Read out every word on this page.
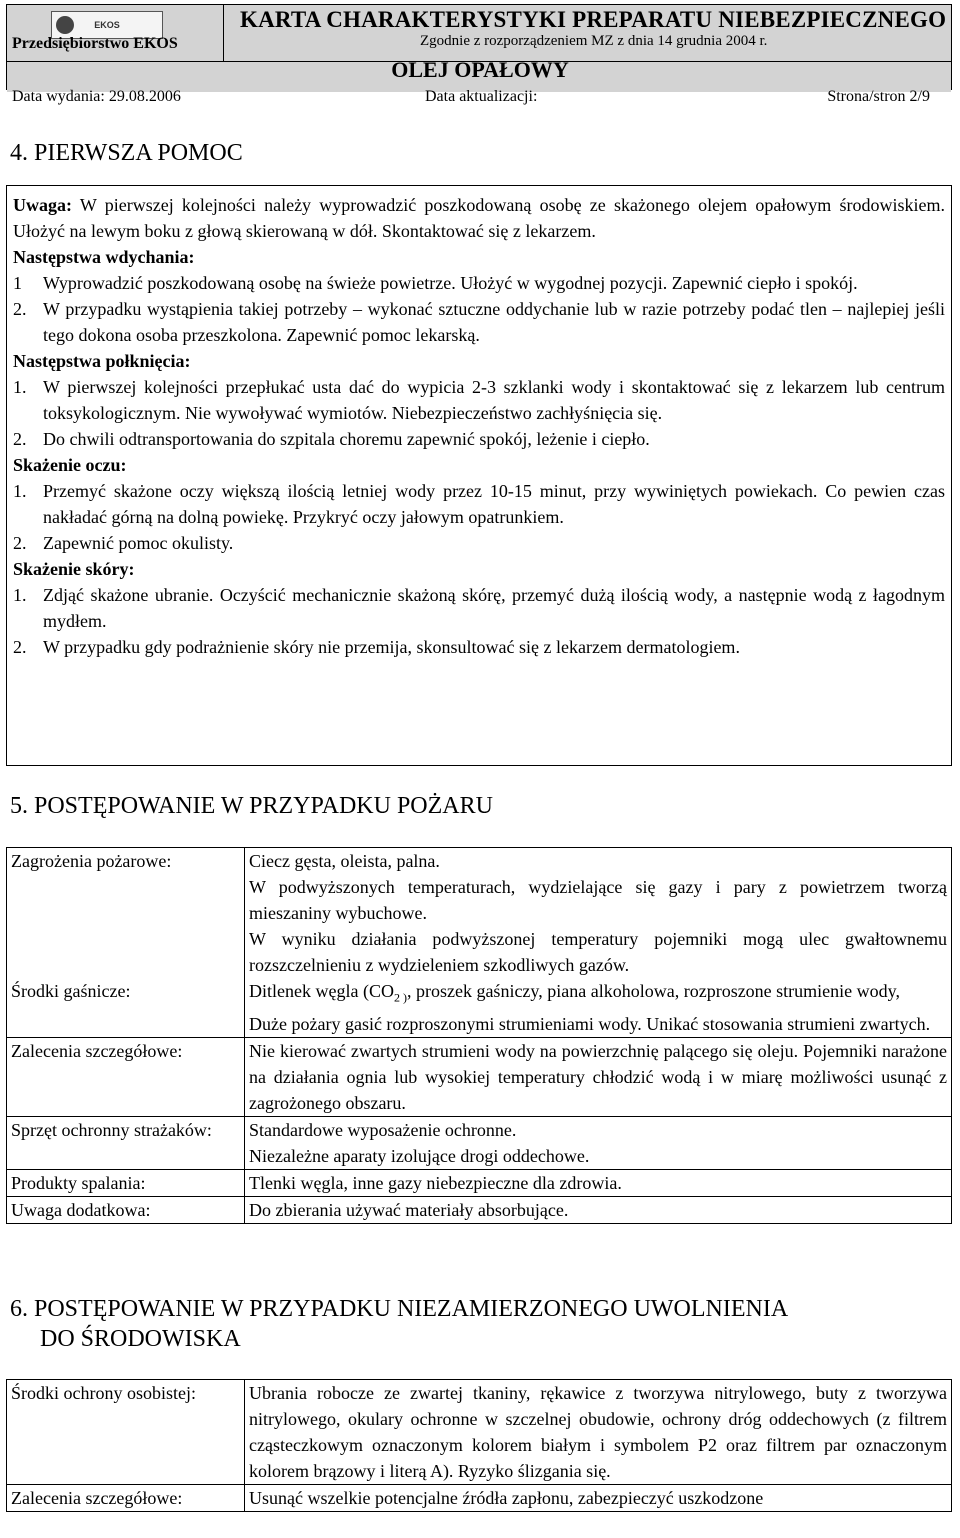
EKOS
Przedsiębiorstwo EKOS
KARTA CHARAKTERYSTYKI PREPARATU NIEBEZPIECZNEGO
Zgodnie z rozporządzeniem MZ z dnia 14 grudnia 2004 r.
OLEJ OPAŁOWY
Data wydania: 29.08.2006	Data aktualizacji:	Strona/stron 2/9
4. PIERWSZA POMOC

Uwaga: W pierwszej kolejności należy wyprowadzić poszkodowaną osobę ze skażonego olejem opałowym środowiskiem. Ułożyć na lewym boku z głową skierowaną w dół. Skontaktować się z lekarzem.

Następstwa wdychania:

1	Wyprowadzić poszkodowaną osobę na świeże powietrze. Ułożyć w wygodnej pozycji. Zapewnić ciepło i spokój.
2. W przypadku wystąpienia takiej potrzeby – wykonać sztuczne oddychanie lub w razie potrzeby podać tlen – najlepiej jeśli tego dokona osoba przeszkolona. Zapewnić pomoc lekarską.

Następstwa połknięcia:

1. W pierwszej kolejności przepłukać usta dać do wypicia 2-3 szklanki wody i skontaktować się z lekarzem lub centrum toksykologicznym. Nie wywoływać wymiotów. Niebezpieczeństwo zachłyśnięcia się.
2. Do chwili odtransportowania do szpitala choremu zapewnić spokój, leżenie i ciepło.

Skażenie oczu:

1. Przemyć skażone oczy większą ilością letniej wody przez 10-15 minut, przy wywiniętych powiekach. Co pewien czas nakładać górną na dolną powiekę. Przykryć oczy jałowym opatrunkiem.
2. Zapewnić pomoc okulisty.

Skażenie skóry:

1. Zdjąć skażone ubranie. Oczyścić mechanicznie skażoną skórę, przemyć dużą ilością wody, a następnie wodą z łagodnym mydłem.
2. W przypadku gdy podrażnienie skóry nie przemija, skonsultować się z lekarzem dermatologiem.
5. POSTĘPOWANIE W PRZYPADKU POŻARU
Zagrożenia pożarowe:	Ciecz gęsta, oleista, palna.

W podwyższonych temperaturach, wydzielające się gazy i pary z powietrzem tworzą mieszaniny wybuchowe.

W wyniku działania podwyższonej temperatury pojemniki mogą ulec gwałtownemu rozszczelnieniu z wydzieleniem szkodliwych gazów.

Środki gaśnicze:	Ditlenek węgla ($CO_{2 )}$, proszek gaśniczy, piana alkoholowa, rozproszone strumienie wody,

Duże pożary gasić rozproszonymi strumieniami wody. Unikać stosowania strumieni zwartych.

Zalecenia szczegółowe:	Nie kierować zwartych strumieni wody na powierzchnię palącego się oleju. Pojemniki narażone na działania ognia lub wysokiej temperatury chłodzić wodą i w miarę możliwości usunąć z zagrożonego obszaru.

Sprzęt ochronny strażaków:	Standardowe wyposażenie ochronne.

Niezależne aparaty izolujące drogi oddechowe.

Produkty spalania:	Tlenki węgla, inne gazy niebezpieczne dla zdrowia.

Uwaga dodatkowa:	Do zbierania używać materiały absorbujące.

6. POSTĘPOWANIE W PRZYPADKU NIEZAMIERZONEGO UWOLNIENIA
DO ŚRODOWISKA
Środki ochrony osobistej:	Ubrania robocze ze zwartej tkaniny, rękawice z tworzywa nitrylowego, buty z tworzywa nitrylowego, okulary ochronne w szczelnej obudowie, ochrony dróg oddechowych (z filtrem cząsteczkowym oznaczonym kolorem białym i symbolem P2 oraz filtrem par oznaczonym kolorem brązowy i literą A). Ryzyko ślizgania się.

Zalecenia szczegółowe:	Usunąć wszelkie potencjalne źródła zapłonu, zabezpieczyć uszkodzone
